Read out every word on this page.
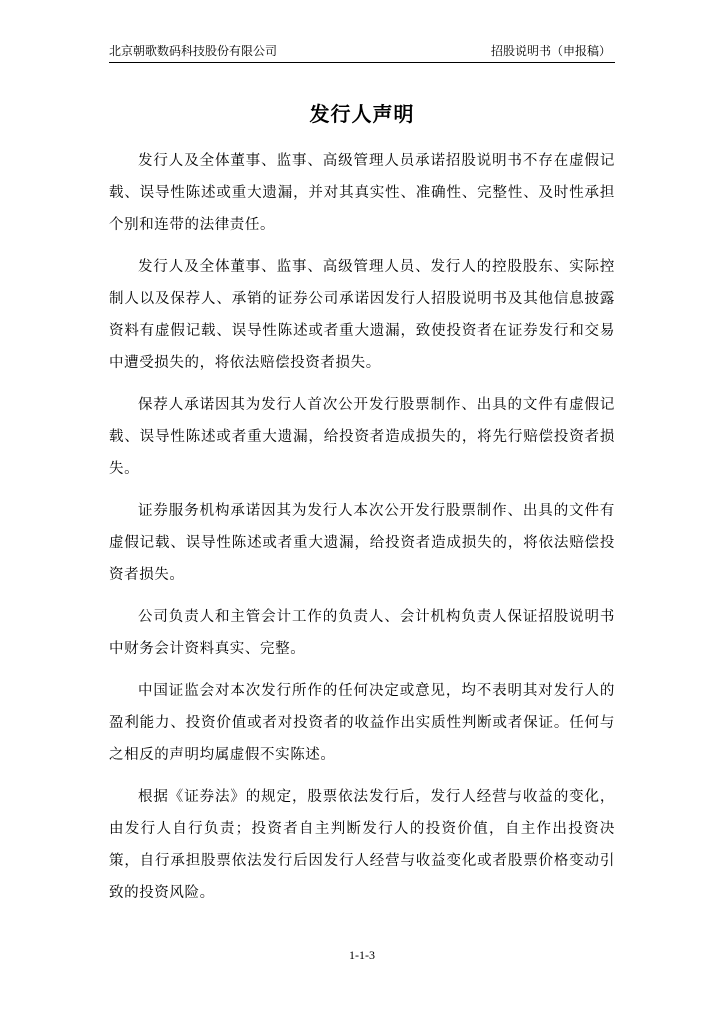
北京朝歌数码科技股份有限公司	招股说明书（申报稿）
发行人声明

发行人及全体董事、监事、高级管理人员承诺招股说明书不存在虚假记载、误导性陈述或重大遗漏，并对其真实性、准确性、完整性、及时性承担个别和连带的法律责任。

发行人及全体董事、监事、高级管理人员、发行人的控股股东、实际控制人以及保荐人、承销的证券公司承诺因发行人招股说明书及其他信息披露资料有虚假记载、误导性陈述或者重大遗漏，致使投资者在证券发行和交易中遭受损失的，将依法赔偿投资者损失。

保荐人承诺因其为发行人首次公开发行股票制作、出具的文件有虚假记载、误导性陈述或者重大遗漏，给投资者造成损失的，将先行赔偿投资者损失。

证券服务机构承诺因其为发行人本次公开发行股票制作、出具的文件有虚假记载、误导性陈述或者重大遗漏，给投资者造成损失的，将依法赔偿投资者损失。

公司负责人和主管会计工作的负责人、会计机构负责人保证招股说明书中财务会计资料真实、完整。

中国证监会对本次发行所作的任何决定或意见，均不表明其对发行人的盈利能力、投资价值或者对投资者的收益作出实质性判断或者保证。任何与之相反的声明均属虚假不实陈述。

根据《证券法》的规定，股票依法发行后，发行人经营与收益的变化，由发行人自行负责；投资者自主判断发行人的投资价值，自主作出投资决策，自行承担股票依法发行后因发行人经营与收益变化或者股票价格变动引致的投资风险。

1-1-3
